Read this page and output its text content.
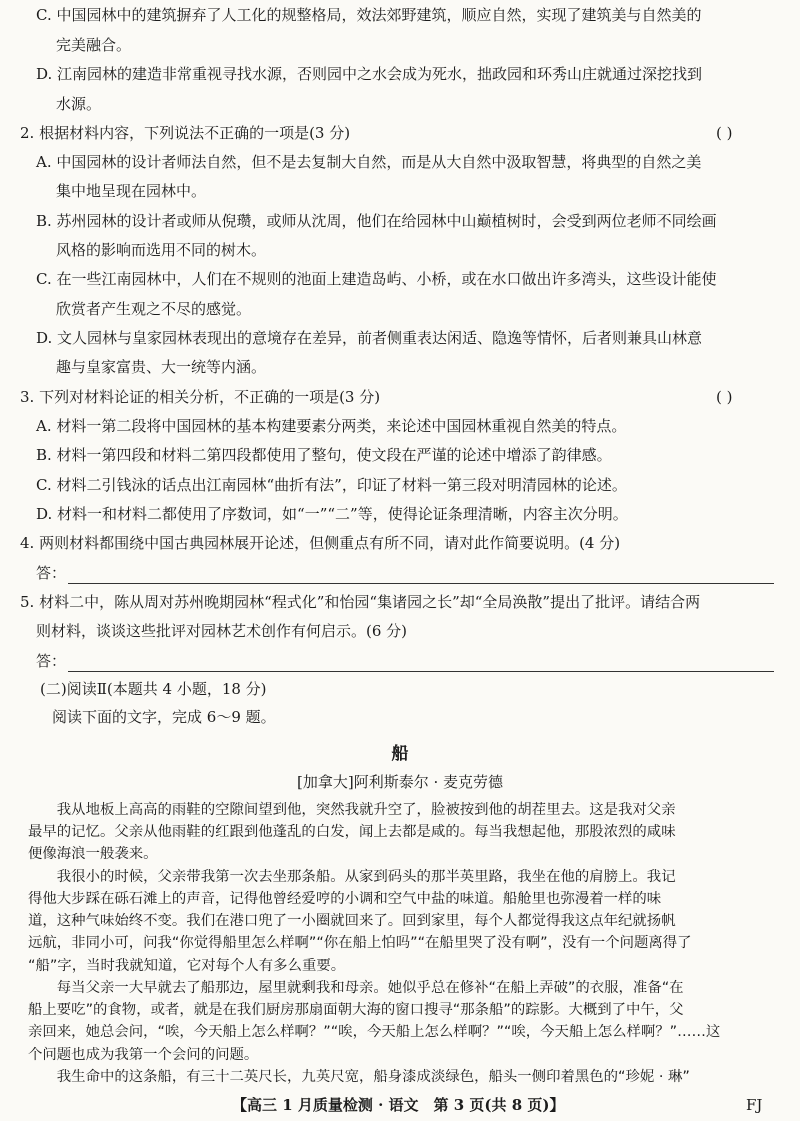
C. 中国园林中的建筑摒弃了人工化的规整格局，效法郊野建筑，顺应自然，实现了建筑美与自然美的
完美融合。
D. 江南园林的建造非常重视寻找水源，否则园中之水会成为死水，拙政园和环秀山庄就通过深挖找到
水源。
2. 根据材料内容，下列说法不正确的一项是(3 分)	( )
A. 中国园林的设计者师法自然，但不是去复制大自然，而是从大自然中汲取智慧，将典型的自然之美
集中地呈现在园林中。
B. 苏州园林的设计者或师从倪瓒，或师从沈周，他们在给园林中山巅植树时，会受到两位老师不同绘画
风格的影响而选用不同的树木。
C. 在一些江南园林中，人们在不规则的池面上建造岛屿、小桥，或在水口做出许多湾头，这些设计能使
欣赏者产生观之不尽的感觉。
D. 文人园林与皇家园林表现出的意境存在差异，前者侧重表达闲适、隐逸等情怀，后者则兼具山林意
趣与皇家富贵、大一统等内涵。
3. 下列对材料论证的相关分析，不正确的一项是(3 分)	( )
A. 材料一第二段将中国园林的基本构建要素分两类，来论述中国园林重视自然美的特点。
B. 材料一第四段和材料二第四段都使用了整句，使文段在严谨的论述中增添了韵律感。
C. 材料二引钱泳的话点出江南园林“曲折有法”，印证了材料一第三段对明清园林的论述。
D. 材料一和材料二都使用了序数词，如“一”“二”等，使得论证条理清晰，内容主次分明。
4. 两则材料都围绕中国古典园林展开论述，但侧重点有所不同，请对此作简要说明。(4 分)
答：
5. 材料二中，陈从周对苏州晚期园林“程式化”和怡园“集诸园之长”却“全局涣散”提出了批评。请结合两
则材料，谈谈这些批评对园林艺术创作有何启示。(6 分)
答：
(二)阅读Ⅱ(本题共 4 小题，18 分)
阅读下面的文字，完成 6～9 题。
船
[加拿大]阿利斯泰尔 · 麦克劳德
　　我从地板上高高的雨鞋的空隙间望到他，突然我就升空了，脸被按到他的胡茬里去。这是我对父亲
最早的记忆。父亲从他雨鞋的红跟到他蓬乱的白发，闻上去都是咸的。每当我想起他，那股浓烈的咸味
便像海浪一般袭来。
　　我很小的时候，父亲带我第一次去坐那条船。从家到码头的那半英里路，我坐在他的肩膀上。我记
得他大步踩在砾石滩上的声音，记得他曾经爱哼的小调和空气中盐的味道。船舱里也弥漫着一样的味
道，这种气味始终不变。我们在港口兜了一小圈就回来了。回到家里，每个人都觉得我这点年纪就扬帆
远航，非同小可，问我“你觉得船里怎么样啊”“你在船上怕吗”“在船里哭了没有啊”，没有一个问题离得了
“船”字，当时我就知道，它对每个人有多么重要。
　　每当父亲一大早就去了船那边，屋里就剩我和母亲。她似乎总在修补“在船上弄破”的衣服，准备“在
船上要吃”的食物，或者，就是在我们厨房那扇面朝大海的窗口搜寻“那条船”的踪影。大概到了中午，父
亲回来，她总会问，“唉，今天船上怎么样啊？”“唉，今天船上怎么样啊？”“唉，今天船上怎么样啊？”……这
【高三 1 月质量检测 · 语文　第 3 页(共 8 页)】	FJ
个问题也成为我第一个会问的问题。
　　我生命中的这条船，有三十二英尺长，九英尺宽，船身漆成淡绿色，船头一侧印着黑色的“珍妮 · 琳”
